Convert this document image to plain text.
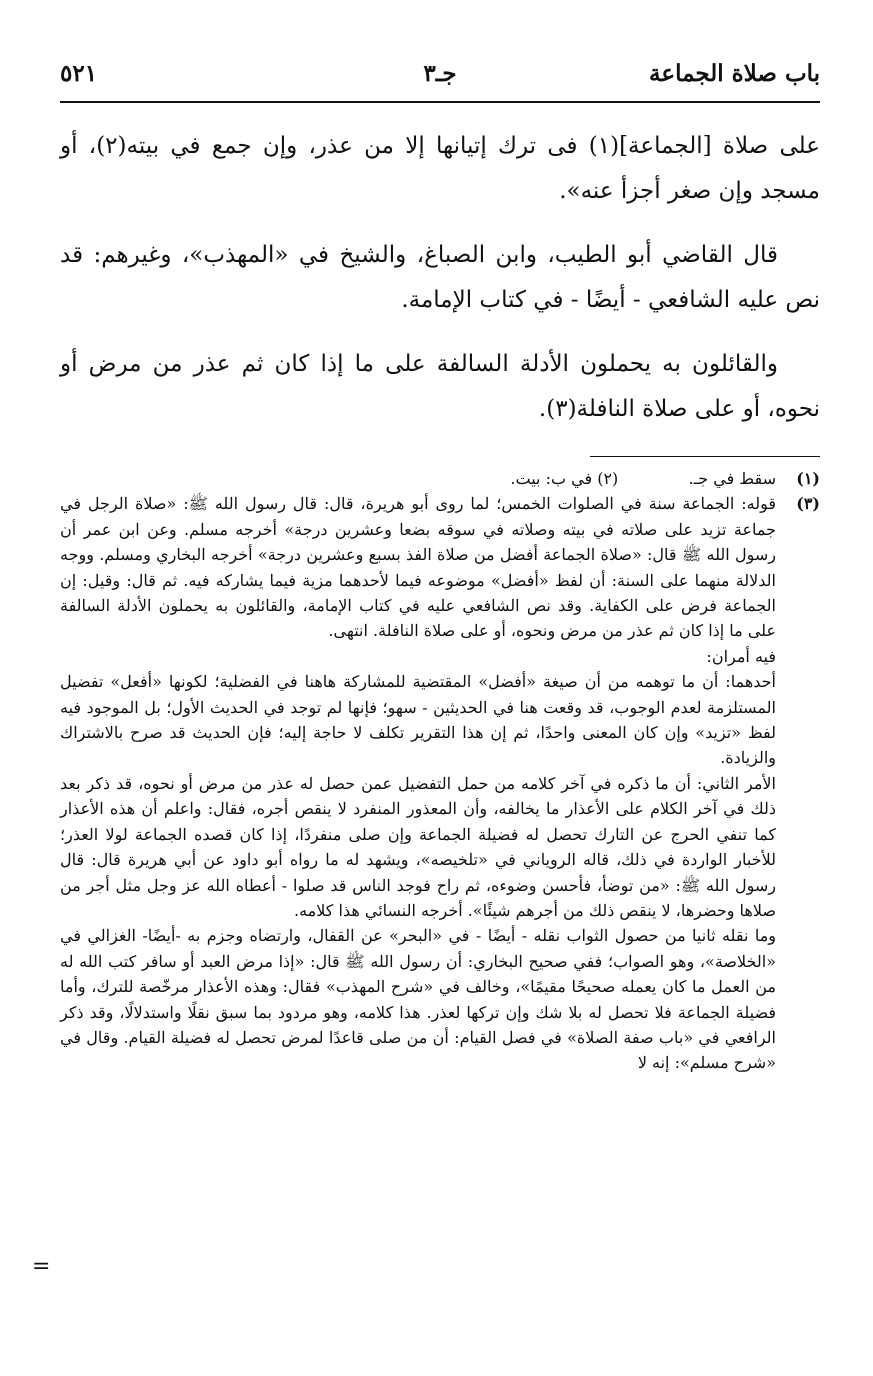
باب صلاة الجماعة
جـ٣
٥٢١

على صلاة [الجماعة](١) فى ترك إتيانها إلا من عذر، وإن جمع في بيته(٢)، أو مسجد وإن صغر أجزأ عنه».

قال القاضي أبو الطيب، وابن الصباغ، والشيخ في «المهذب»، وغيرهم: قد نص عليه الشافعي - أيضًا - في كتاب الإمامة.

والقائلون به يحملون الأدلة السالفة على ما إذا كان ثم عذر من مرض أو نحوه، أو على صلاة النافلة(٣).

(١)
سقط في جـ.  (٢) في ب: بيت.
(٣)

قوله: الجماعة سنة في الصلوات الخمس؛ لما روى أبو هريرة، قال: قال رسول الله ﷺ: «صلاة الرجل في جماعة تزيد على صلاته في بيته وصلاته في سوقه بضعا وعشرين درجة» أخرجه مسلم. وعن ابن عمر أن رسول الله ﷺ قال: «صلاة الجماعة أفضل من صلاة الفذ بسبع وعشرين درجة» أخرجه البخاري ومسلم. ووجه الدلالة منهما على السنة: أن لفظ «أفضل» موضوعه فيما لأحدهما مزية فيما يشاركه فيه. ثم قال: وقيل: إن الجماعة فرض على الكفاية. وقد نص الشافعي عليه في كتاب الإمامة، والقائلون به يحملون الأدلة السالفة على ما إذا كان ثم عذر من مرض ونحوه، أو على صلاة النافلة. انتهى.

فيه أمران:

أحدهما: أن ما توهمه من أن صيغة «أفضل» المقتضية للمشاركة هاهنا في الفضلية؛ لكونها «أفعل» تفضيل المستلزمة لعدم الوجوب، قد وقعت هنا في الحديثين - سهو؛ فإنها لم توجد في الحديث الأول؛ بل الموجود فيه لفظ «تزيد» وإن كان المعنى واحدًا، ثم إن هذا التقرير تكلف لا حاجة إليه؛ فإن الحديث قد صرح بالاشتراك والزيادة.

الأمر الثاني: أن ما ذكره في آخر كلامه من حمل التفضيل عمن حصل له عذر من مرض أو نحوه، قد ذكر بعد ذلك في آخر الكلام على الأعذار ما يخالفه، وأن المعذور المنفرد لا ينقص أجره، فقال: واعلم أن هذه الأعذار كما تنفي الحرج عن التارك تحصل له فضيلة الجماعة وإن صلى منفردًا، إذا كان قصده الجماعة لولا العذر؛ للأخبار الواردة في ذلك، قاله الروياني في «تلخيصه»، ويشهد له ما رواه أبو داود عن أبي هريرة قال: قال رسول الله ﷺ: «من توضأ، فأحسن وضوءه، ثم راح فوجد الناس قد صلوا - أعطاه الله عز وجل مثل أجر من صلاها وحضرها، لا ينقص ذلك من أجرهم شيئًا». أخرجه النسائي هذا كلامه.

وما نقله ثانيا من حصول الثواب نقله - أيضًا - في «البحر» عن القفال، وارتضاه وجزم به -أيضًا- الغزالي في «الخلاصة»، وهو الصواب؛ ففي صحيح البخاري: أن رسول الله ﷺ قال: «إذا مرض العبد أو سافر كتب الله له من العمل ما كان يعمله صحيحًا مقيمًا»، وخالف في «شرح المهذب» فقال: وهذه الأعذار مرخّصة للترك، وأما فضيلة الجماعة فلا تحصل له بلا شك وإن تركها لعذر. هذا كلامه، وهو مردود بما سبق نقلًا واستدلالًا، وقد ذكر الرافعي في «باب صفة الصلاة» في فصل القيام: أن من صلى قاعدًا لمرض تحصل له فضيلة القيام. وقال في «شرح مسلم»: إنه لا

=
